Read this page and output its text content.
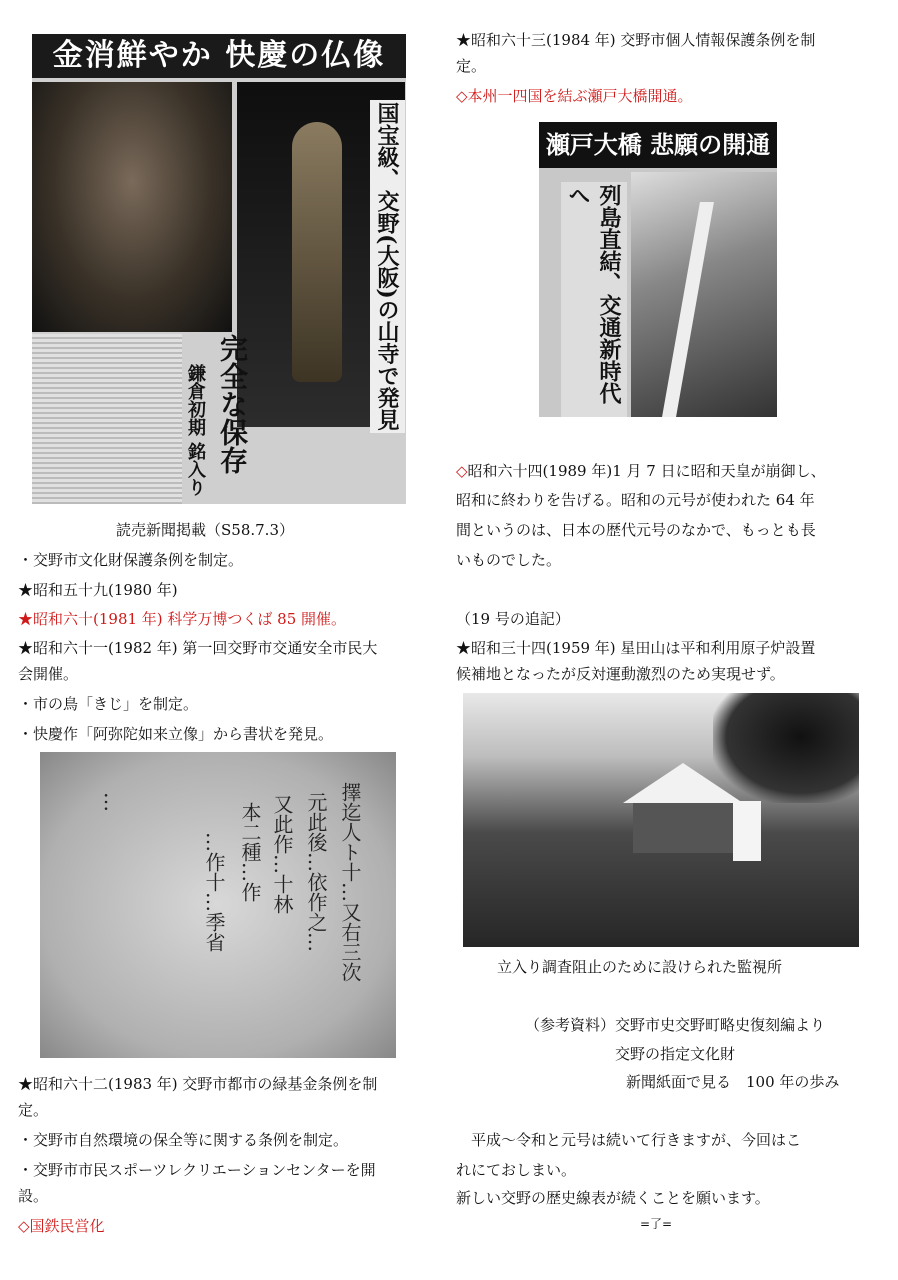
金消鮮やか 快慶の仏像
国宝級、交野(大阪)の山寺で発見
完全な保存
鎌倉初期 銘入り
読売新聞掲載（S58.7.3）
・交野市文化財保護条例を制定。
★昭和五十九(1980 年)
★昭和六十(1981 年) 科学万博つくば 85 開催。
★昭和六十一(1982 年) 第一回交野市交通安全市民大
会開催。
・市の鳥「きじ」を制定。
・快慶作「阿弥陀如来立像」から書状を発見。
擇迄人ト十…又右三次
元此後…依作之…
又此作…十林
本二種…作
…作十…季省
…
★昭和六十二(1983 年) 交野市都市の緑基金条例を制
定。
・交野市自然環境の保全等に関する条例を制定。
・交野市市民スポーツレクリエーションセンターを開
設。
◇国鉄民営化
★昭和六十三(1984 年) 交野市個人情報保護条例を制
定。
◇本州一四国を結ぶ瀬戸大橋開通。
瀬戸大橋 悲願の開通
列島直結、交通新時代へ
◇昭和六十四(1989 年)1 月 7 日に昭和天皇が崩御し、
昭和に終わりを告げる。昭和の元号が使われた 64 年
間というのは、日本の歴代元号のなかで、もっとも長
いものでした。
（19 号の追記）
★昭和三十四(1959 年) 星田山は平和利用原子炉設置
候補地となったが反対運動激烈のため実現せず。
立入り調査阻止のために設けられた監視所
（参考資料）交野市史交野町略史復刻編より
交野の指定文化財
新聞紙面で見る　100 年の歩み
　平成～令和と元号は続いて行きますが、今回はこ
れにておしまい。
新しい交野の歴史線表が続くことを願います。
=了=
